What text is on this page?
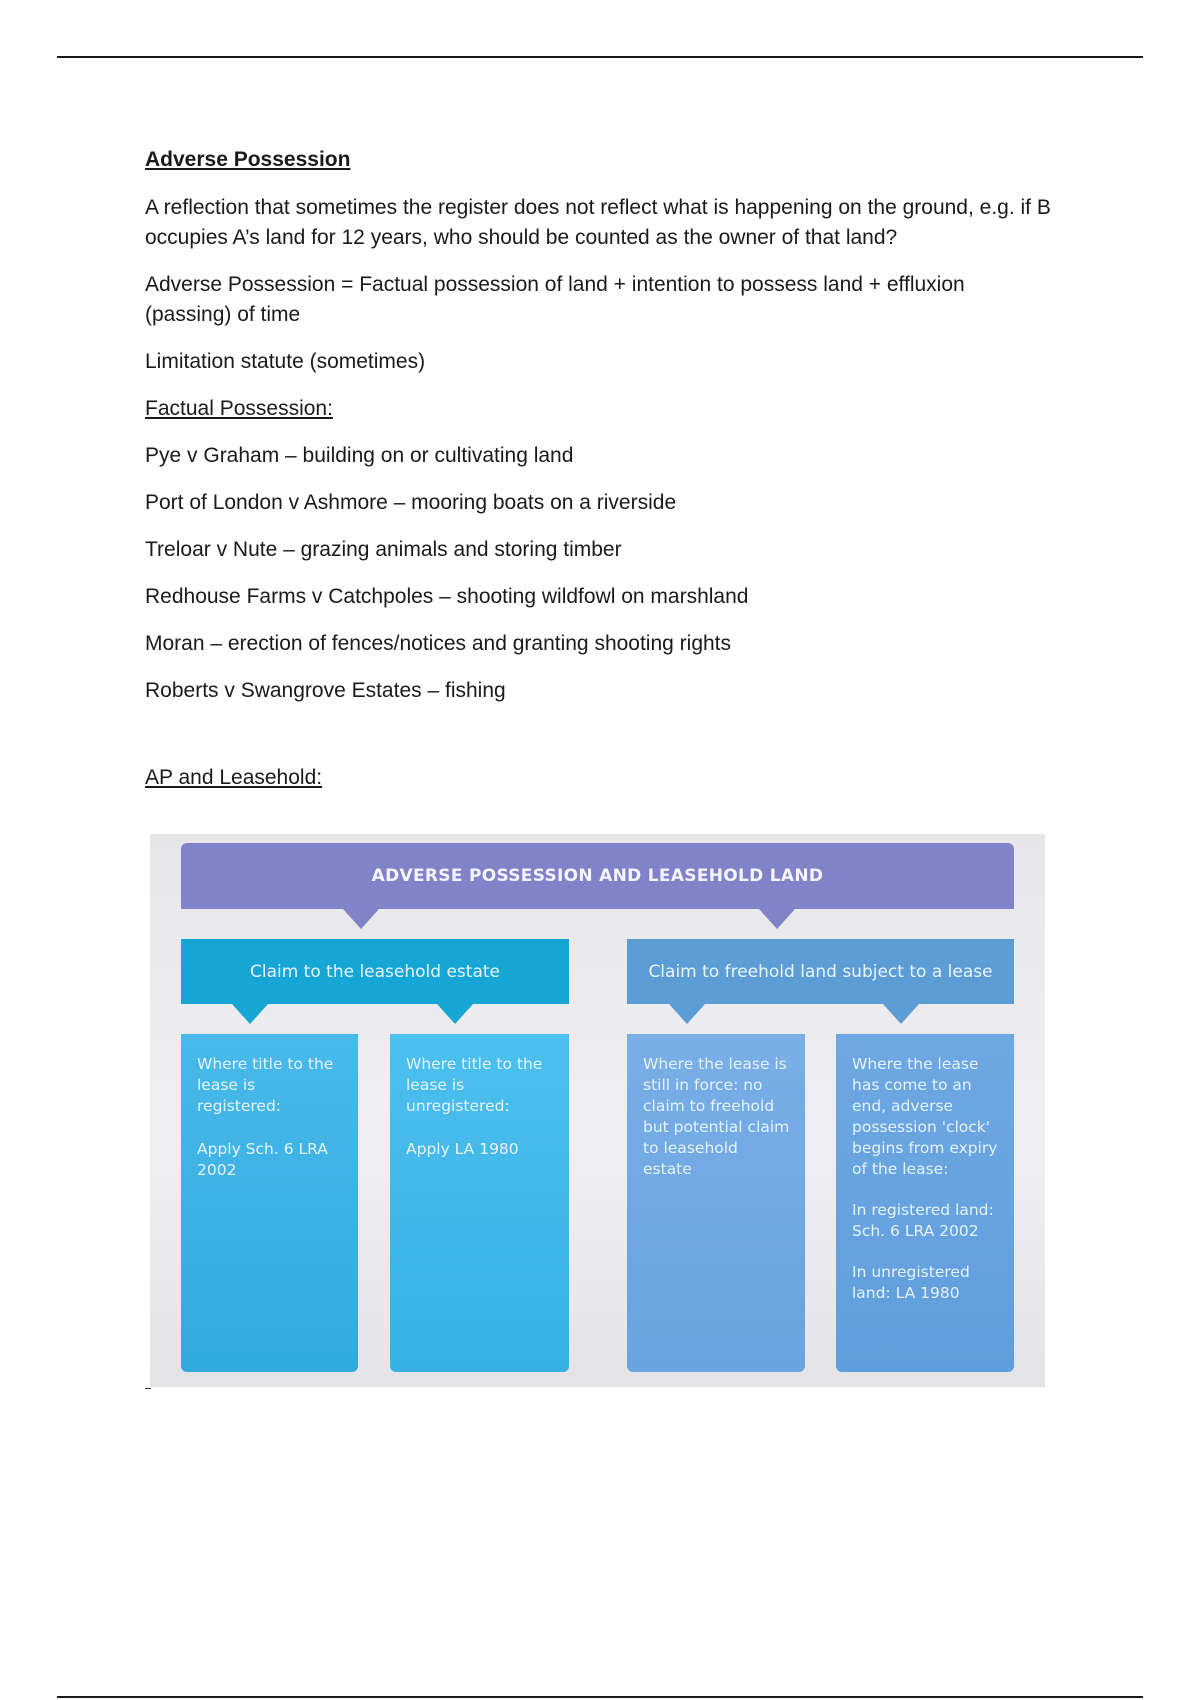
Adverse Possession

A reflection that sometimes the register does not reflect what is happening on the ground, e.g. if B occupies A’s land for 12 years, who should be counted as the owner of that land?

Adverse Possession = Factual possession of land + intention to possess land + effluxion (passing) of time

Limitation statute (sometimes)

Factual Possession:

Pye v Graham – building on or cultivating land

Port of London v Ashmore – mooring boats on a riverside

Treloar v Nute – grazing animals and storing timber

Redhouse Farms v Catchpoles – shooting wildfowl on marshland

Moran – erection of fences/notices and granting shooting rights

Roberts v Swangrove Estates – fishing

AP and Leasehold:

ADVERSE POSSESSION AND LEASEHOLD LAND
Claim to the leasehold estate	Claim to freehold land subject to a lease

Where title to the lease is registered:

Apply Sch. 6 LRA 2002

Where title to the lease is unregistered:

Apply LA 1980

Where the lease is still in force: no claim to freehold but potential claim to leasehold estate

Where the lease has come to an end, adverse possession 'clock' begins from expiry of the lease:

In registered land: Sch. 6 LRA 2002

In unregistered land: LA 1980
